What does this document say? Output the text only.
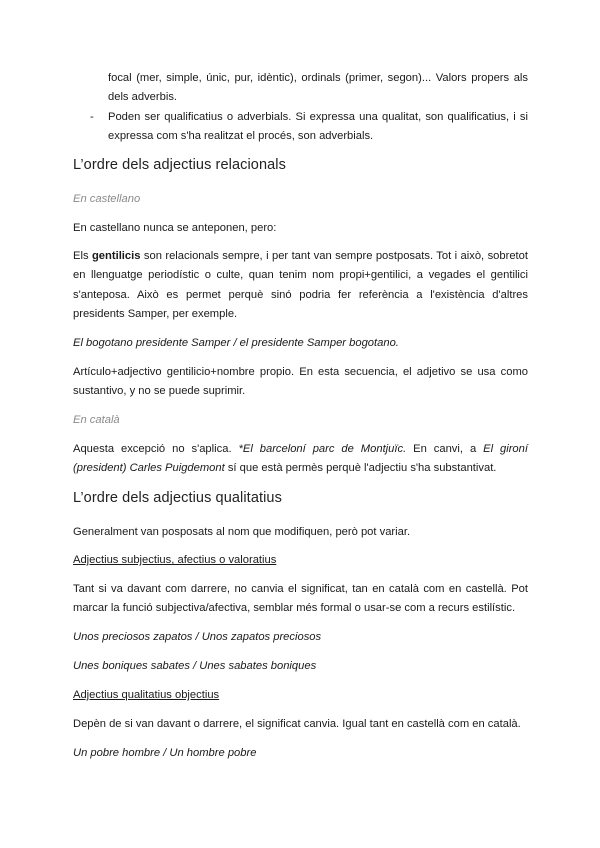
focal (mer, simple, únic, pur, idèntic), ordinals (primer, segon)... Valors propers als
dels adverbis.
-	Poden ser qualificatius o adverbials. Si expressa una qualitat, son qualificatius, i si
expressa com s'ha realitzat el procés, son adverbials.
L’ordre dels adjectius relacionals
En castellano
En castellano nunca se anteponen, pero:
Els gentilicis son relacionals sempre, i per tant van sempre postposats. Tot i això, sobretot
en llenguatge periodístic o culte, quan tenim nom propi+gentilici, a vegades el gentilici
s'anteposa. Això es permet perquè sinó podria fer referència a l'existència d'altres
presidents Samper, per exemple.
El bogotano presidente Samper / el presidente Samper bogotano.
Artículo+adjectivo gentilicio+nombre propio. En esta secuencia, el adjetivo se usa como
sustantivo, y no se puede suprimir.
En català
Aquesta excepció no s'aplica. *El barceloní parc de Montjuïc. En canvi, a El gironí
(president) Carles Puigdemont sí que està permès perquè l'adjectiu s'ha substantivat.
L’ordre dels adjectius qualitatius
Generalment van posposats al nom que modifiquen, però pot variar.
Adjectius subjectius, afectius o valoratius
Tant si va davant com darrere, no canvia el significat, tan en català com en castellà. Pot
marcar la funció subjectiva/afectiva, semblar més formal o usar-se com a recurs estilístic.
Unos preciosos zapatos / Unos zapatos preciosos
Unes boniques sabates / Unes sabates boniques
Adjectius qualitatius objectius
Depèn de si van davant o darrere, el significat canvia. Igual tant en castellà com en català.
Un pobre hombre / Un hombre pobre
